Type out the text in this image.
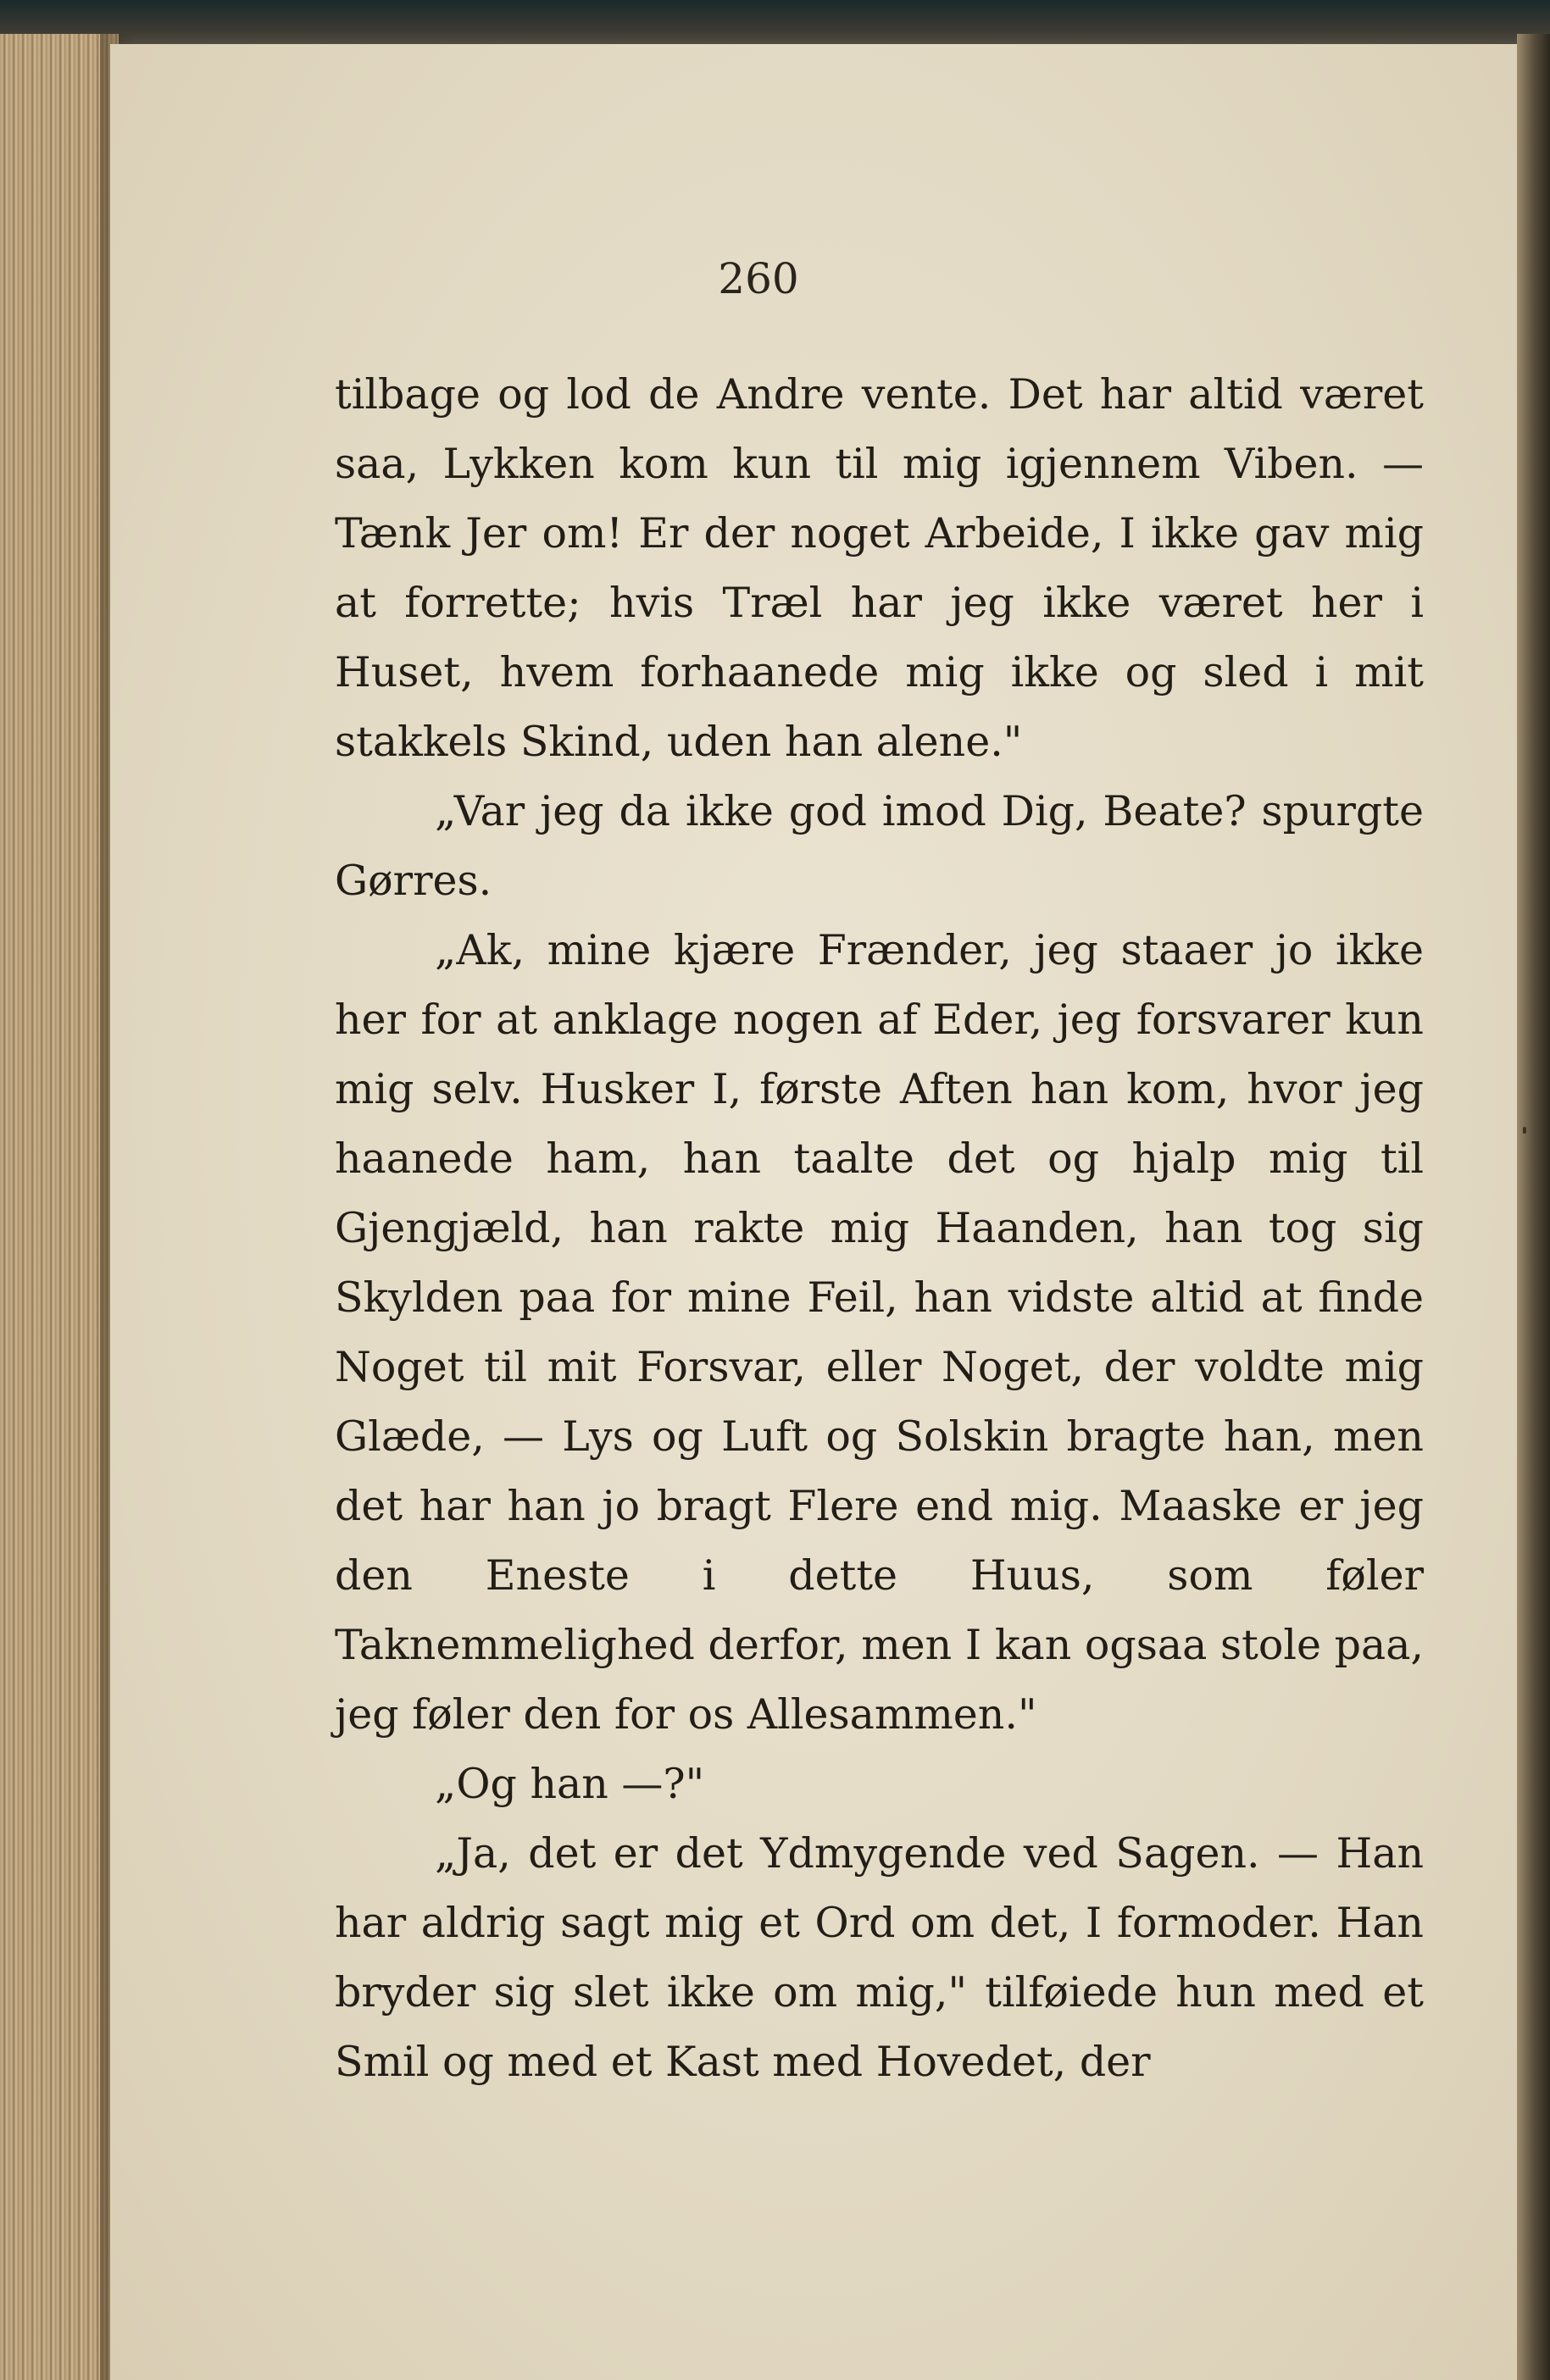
260

tilbage og lod de Andre vente. Det har altid været saa, Lykken kom kun til mig igjennem Viben. — Tænk Jer om! Er der noget Arbeide, I ikke gav mig at forrette; hvis Træl har jeg ikke været her i Huset, hvem forhaanede mig ikke og sled i mit stakkels Skind, uden han alene."

„Var jeg da ikke god imod Dig, Beate? spurgte Gørres.

„Ak, mine kjære Frænder, jeg staaer jo ikke her for at anklage nogen af Eder, jeg forsvarer kun mig selv. Husker I, første Aften han kom, hvor jeg haanede ham, han taalte det og hjalp mig til Gjengjæld, han rakte mig Haanden, han tog sig Skylden paa for mine Feil, han vidste altid at finde Noget til mit Forsvar, eller Noget, der voldte mig Glæde, — Lys og Luft og Solskin bragte han, men det har han jo bragt Flere end mig. Maaske er jeg den Eneste i dette Huus, som føler Taknemmelighed derfor, men I kan ogsaa stole paa, jeg føler den for os Allesammen."

„Og han —?"

„Ja, det er det Ydmygende ved Sagen. — Han har aldrig sagt mig et Ord om det, I formoder. Han bryder sig slet ikke om mig," tilføiede hun med et Smil og med et Kast med Hovedet, der
